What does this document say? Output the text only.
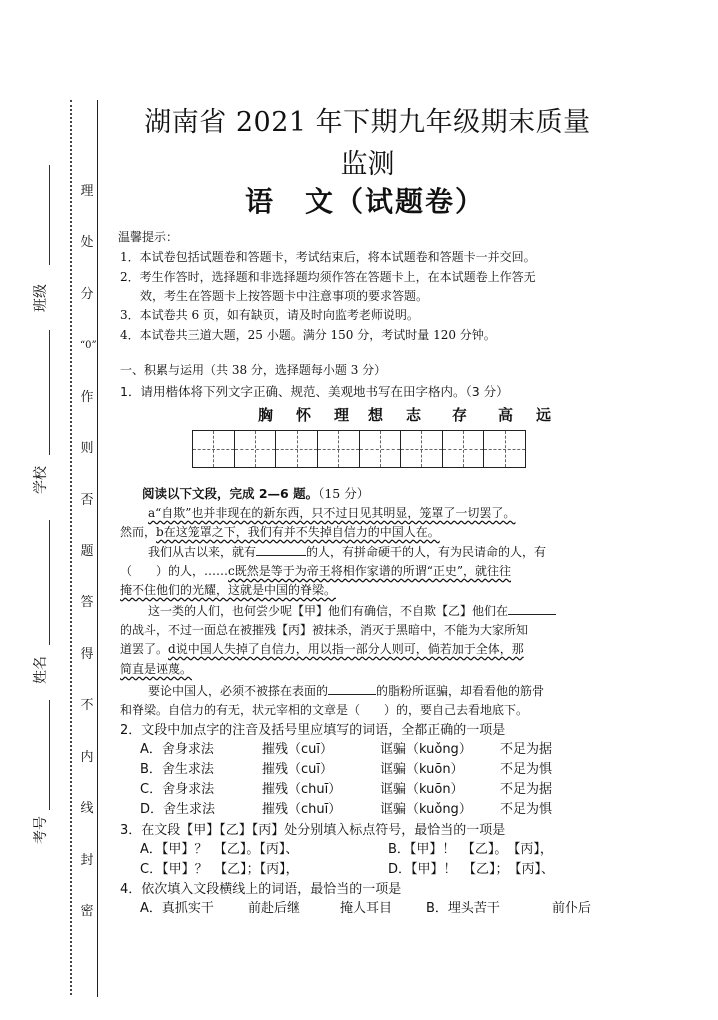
理
处
分
“0”
作
则
否
题
答
得
不
内
线
封
密
班级
学校
姓名
考号
湖南省 2021 年下期九年级期末质量
监测
语　文（试题卷）
温馨提示：
1．本试卷包括试题卷和答题卡，考试结束后，将本试题卷和答题卡一并交回。
2．考生作答时，选择题和非选择题均须作答在答题卡上，在本试题卷上作答无
效，考生在答题卡上按答题卡中注意事项的要求答题。
3．本试卷共 6 页，如有缺页，请及时向监考老师说明。
4．本试卷共三道大题，25 小题。满分 150 分，考试时量 120 分钟。
一、积累与运用（共 38 分，选择题每小题 3 分）
1．请用楷体将下列文字正确、规范、美观地书写在田字格内。（3 分）
胸 怀 理 想 志 存 高 远
阅读以下文段，完成 2—6 题。（15 分）
a“自欺”也并非现在的新东西，只不过日见其明显，笼罩了一切罢了。
然而，b在这笼罩之下，我们有并不失掉自信力的中国人在。
我们从古以来，就有	的人，有拼命硬干的人，有为民请命的人，有
（　　）的人，……c既然是等于为帝王将相作家谱的所谓“正史”，就往往
掩不住他们的光耀，这就是中国的脊梁。
这一类的人们，也何尝少呢【甲】他们有确信，不自欺【乙】他们在
的战斗，不过一面总在被摧残【丙】被抹杀，消灭于黑暗中，不能为大家所知
道罢了。d说中国人失掉了自信力，用以指一部分人则可，倘若加于全体，那
简直是诬蔑。
要论中国人，必须不被搽在表面的	的脂粉所诓骗，却看看他的筋骨
和脊梁。自信力的有无，状元宰相的文章是（　　）的，要自己去看地底下。
2．文段中加点字的注音及括号里应填写的词语，全都正确的一项是
A．舍身求法	摧残（cuī）	诓骗（kuǒng） 不足为据
B．舍生求法	摧残（cuī）	诓骗（kuōn）	不足为惧
C．舍身求法	摧残（chuī）	诓骗（kuōn）	不足为据
D．舍生求法	摧残（chuī）	诓骗（kuǒng） 不足为惧
3．在文段【甲】【乙】【丙】处分别填入标点符号，最恰当的一项是
A．【甲】？　【乙】。【丙】、	B．【甲】！　【乙】。　【丙】，
C．【甲】？　【乙】；【丙】，	D．【甲】！　【乙】；　【丙】、
4．依次填入文段横线上的词语，最恰当的一项是
A．真抓实干	前赴后继	掩人耳目	B．埋头苦干	前仆后
